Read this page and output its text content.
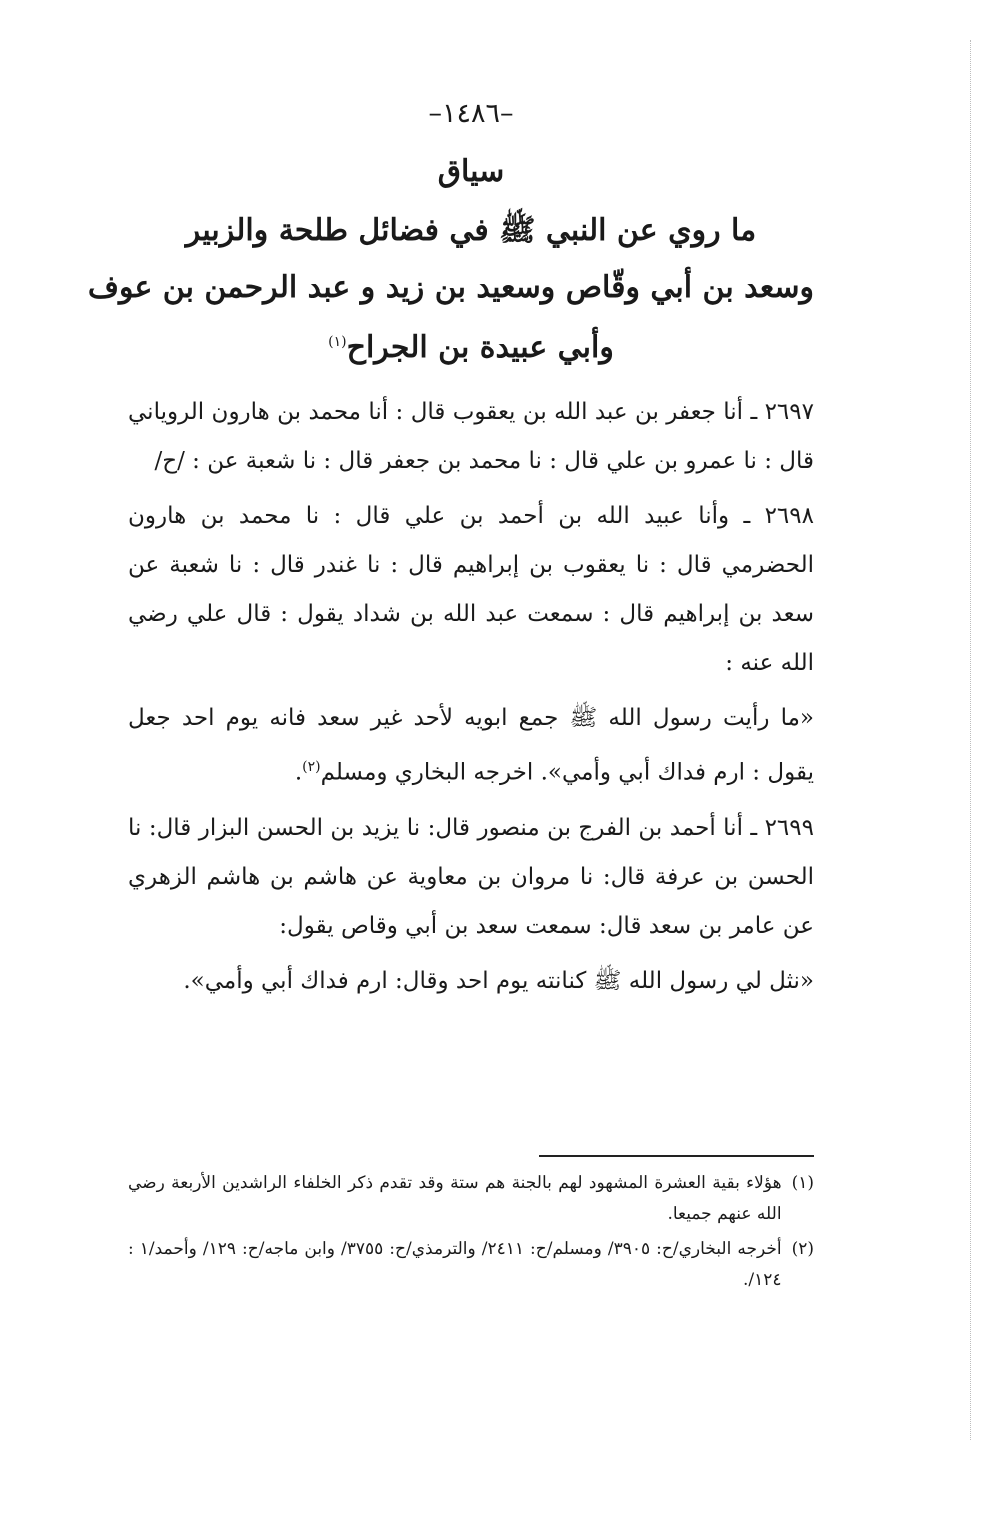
–١٤٨٦–
سياق
ما روي عن النبي ﷺ في فضائل طلحة والزبير
وسعد بن أبي وقّاص وسعيد بن زيد و عبد الرحمن بن عوف
وأبي عبيدة بن الجراح$^{(١)}$

٢٦٩٧ ـ أنا جعفر بن عبد الله بن يعقوب قال : أنا محمد بن هارون الروياني قال : نا عمرو بن علي قال : نا محمد بن جعفر قال : نا شعبة عن : /ح/

٢٦٩٨ ـ وأنا عبيد الله بن أحمد بن علي قال : نا محمد بن هارون الحضرمي قال : نا يعقوب بن إبراهيم قال : نا غندر قال : نا شعبة عن سعد بن إبراهيم قال : سمعت عبد الله بن شداد يقول : قال علي رضي الله عنه :

«ما رأيت رسول الله ﷺ جمع ابويه لأحد غير سعد فانه يوم احد جعل يقول : ارم فداك أبي وأمي». اخرجه البخاري ومسلم$^{(٢)}$.

٢٦٩٩ ـ أنا أحمد بن الفرج بن منصور قال: نا يزيد بن الحسن البزار قال: نا الحسن بن عرفة قال: نا مروان بن معاوية عن هاشم بن هاشم الزهري عن عامر بن سعد قال: سمعت سعد بن أبي وقاص يقول:

«نثل لي رسول الله ﷺ كنانته يوم احد وقال: ارم فداك أبي وأمي».

(١)
هؤلاء بقية العشرة المشهود لهم بالجنة هم ستة وقد تقدم ذكر الخلفاء الراشدين الأربعة رضي الله عنهم جميعا.
(٢)
أخرجه البخاري/ح: ٣٩٠٥/ ومسلم/ح: ٢٤١١/ والترمذي/ح: ٣٧٥٥/ وابن ماجه/ح: ١٢٩/ وأحمد/١ : ١٢٤/.
